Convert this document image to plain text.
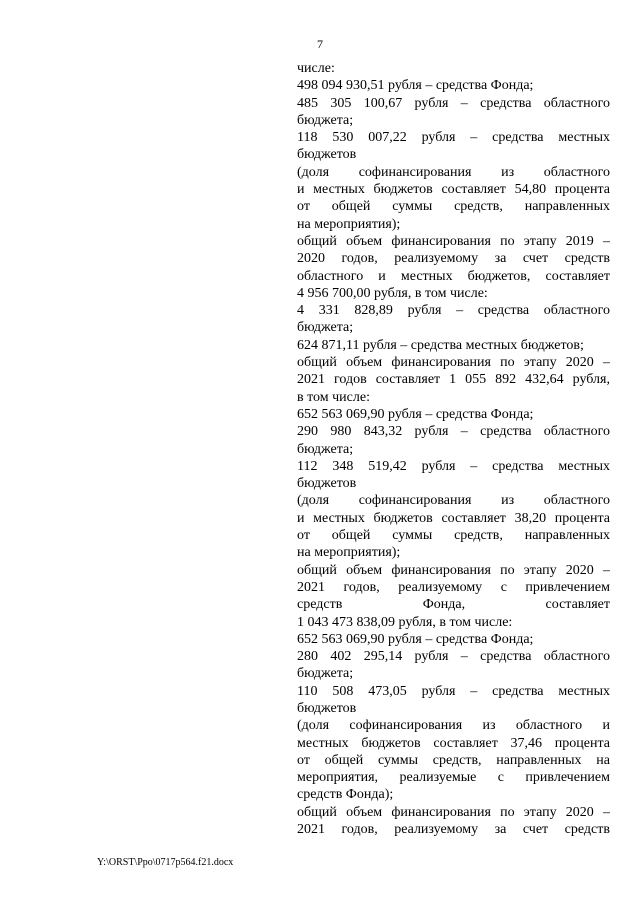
7
числе:
498 094 930,51 рубля – средства Фонда;
485 305 100,67 рубля – средства областного
бюджета;
118 530 007,22 рубля – средства местных
бюджетов
(доля софинансирования из областного
и местных бюджетов составляет 54,80 процента
от общей суммы средств, направленных
на мероприятия);
общий объем финансирования по этапу 2019 –
2020 годов, реализуемому за счет средств
областного и местных бюджетов, составляет
4 956 700,00 рубля, в том числе:
4 331 828,89 рубля – средства областного
бюджета;
624 871,11 рубля – средства местных бюджетов;
общий объем финансирования по этапу 2020 –
2021 годов составляет 1 055 892 432,64 рубля,
в том числе:
652 563 069,90 рубля – средства Фонда;
290 980 843,32 рубля – средства областного
бюджета;
112 348 519,42 рубля – средства местных
бюджетов
(доля софинансирования из областного
и местных бюджетов составляет 38,20 процента
от общей суммы средств, направленных
на мероприятия);
общий объем финансирования по этапу 2020 –
2021 годов, реализуемому с привлечением
средств Фонда, составляет
1 043 473 838,09 рубля, в том числе:
652 563 069,90 рубля – средства Фонда;
280 402 295,14 рубля – средства областного
бюджета;
110 508 473,05 рубля – средства местных
бюджетов
(доля софинансирования из областного и
местных бюджетов составляет 37,46 процента
от общей суммы средств, направленных на
мероприятия, реализуемые с привлечением
средств Фонда);
общий объем финансирования по этапу 2020 –
2021 годов, реализуемому за счет средств
Y:\ORST\Ppo\0717p564.f21.docx
